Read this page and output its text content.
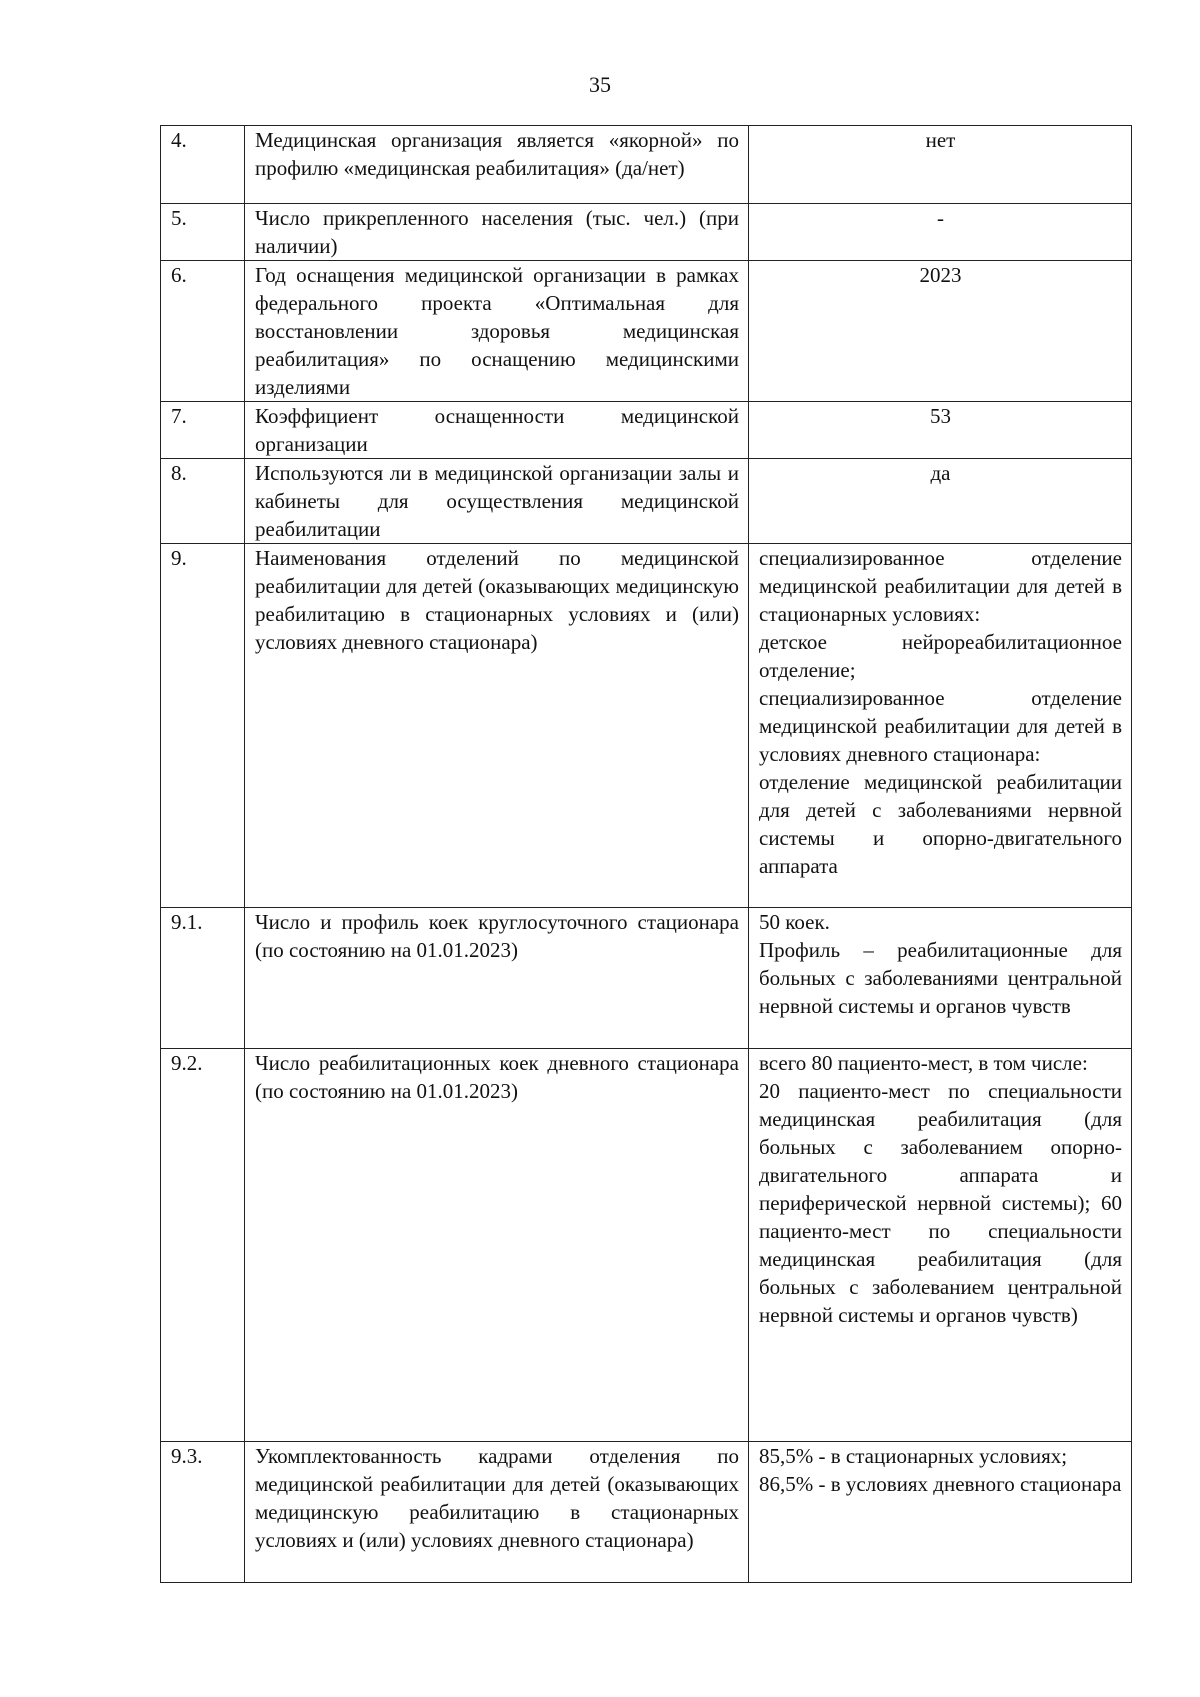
35
4.	Медицинская организация является «якорной» по профилю «медицинская реабилитация» (да/нет)	нет
5.	Число прикрепленного населения (тыс. чел.) (при наличии)	-
6.	Год оснащения медицинской организации в рамках федерального проекта «Оптимальная для восстановлении здоровья медицинская реабилитация» по оснащению медицинскими изделиями	2023
7.	Коэффициент оснащенности медицинской организации	53
8.	Используются ли в медицинской организации залы и кабинеты для осуществления медицинской реабилитации	да
9.	Наименования отделений по медицинской реабилитации для детей (оказывающих медицинскую реабилитацию в стационарных условиях и (или) условиях дневного стационара)	специализированное отделение медицинской реабилитации для детей в стационарных условиях:
детское нейрореабилитационное отделение;
специализированное отделение медицинской реабилитации для детей в условиях дневного стационара:
отделение медицинской реабилитации для детей с заболеваниями нервной системы и опорно-двигательного аппарата

9.1.	Число и профиль коек круглосуточного стационара (по состоянию на 01.01.2023)	50 коек.
Профиль – реабилитационные для больных с заболеваниями центральной нервной системы и органов чувств

9.2.	Число реабилитационных коек дневного стационара (по состоянию на 01.01.2023)	всего 80 пациенто-мест, в том числе:
20 пациенто-мест по специальности медицинская реабилитация (для больных с заболеванием опорно-двигательного аппарата и периферической нервной системы); 60 пациенто-мест по специальности медицинская реабилитация (для больных с заболеванием центральной нервной системы и органов чувств)

9.3.	Укомплектованность кадрами отделения по медицинской реабилитации для детей (оказывающих медицинскую реабилитацию в стационарных условиях и (или) условиях дневного стационара)	85,5% - в стационарных условиях;
86,5% - в условиях дневного стационара
